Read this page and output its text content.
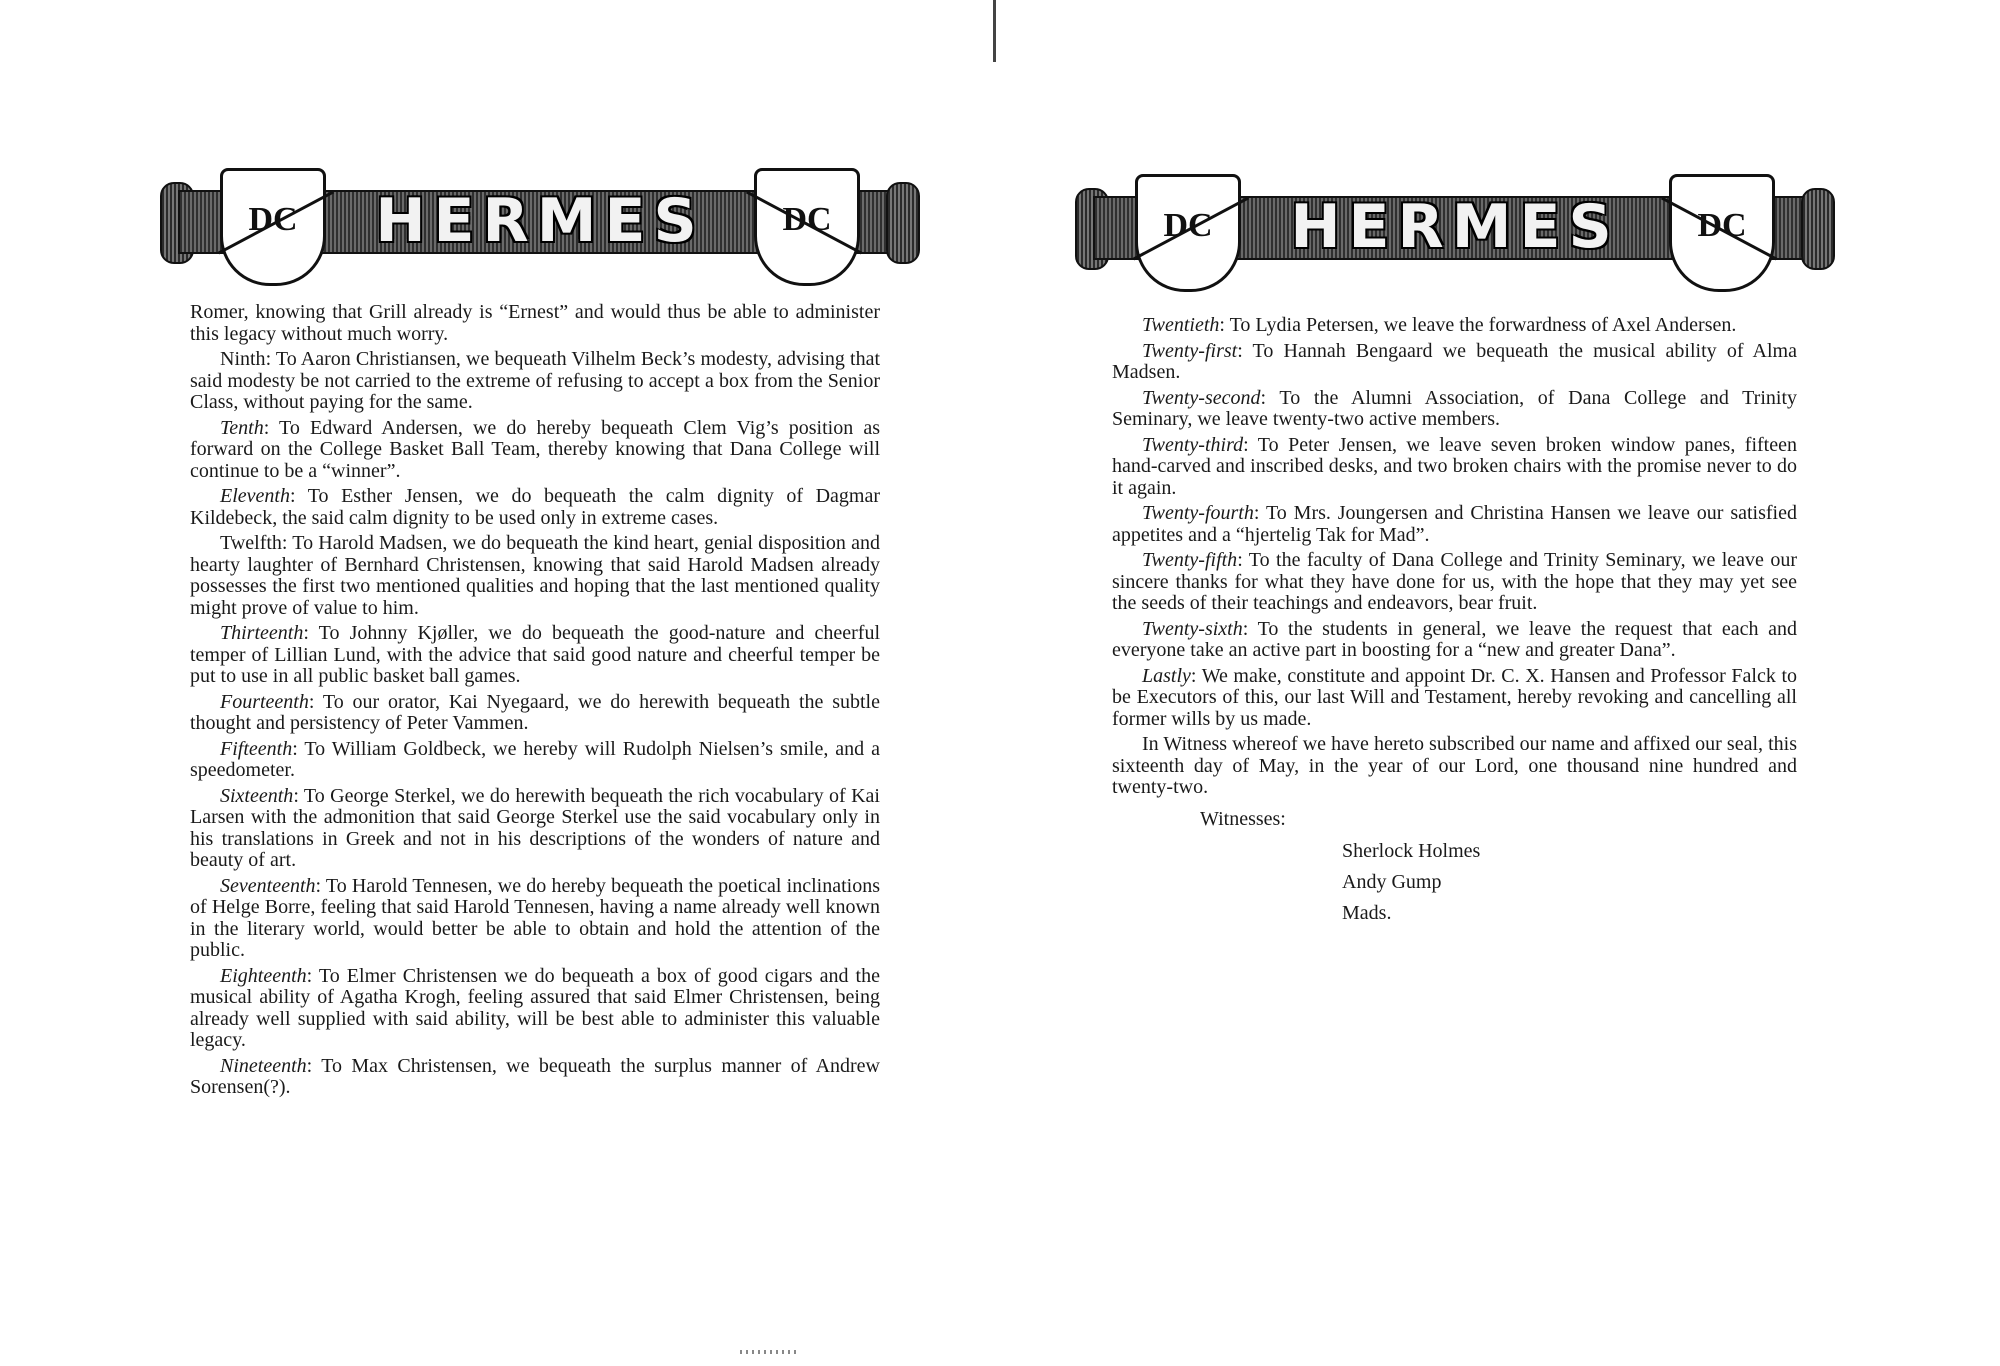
DC	HERMES	DC

Romer, knowing that Grill already is “Ernest” and would thus be able to administer this legacy without much worry.

Ninth: To Aaron Christiansen, we bequeath Vilhelm Beck’s modesty, advising that said modesty be not carried to the extreme of refusing to accept a box from the Senior Class, without paying for the same.

Tenth: To Edward Andersen, we do hereby bequeath Clem Vig’s position as forward on the College Basket Ball Team, thereby knowing that Dana College will continue to be a “winner”.

Eleventh: To Esther Jensen, we do bequeath the calm dignity of Dagmar Kildebeck, the said calm dignity to be used only in extreme cases.

Twelfth: To Harold Madsen, we do bequeath the kind heart, genial disposition and hearty laughter of Bernhard Christensen, knowing that said Harold Madsen already possesses the first two mentioned qualities and hoping that the last mentioned quality might prove of value to him.

Thirteenth: To Johnny Kjøller, we do bequeath the good-nature and cheerful temper of Lillian Lund, with the advice that said good nature and cheerful temper be put to use in all public basket ball games.

Fourteenth: To our orator, Kai Nyegaard, we do herewith bequeath the subtle thought and persistency of Peter Vammen.

Fifteenth: To William Goldbeck, we hereby will Rudolph Nielsen’s smile, and a speedometer.

Sixteenth: To George Sterkel, we do herewith bequeath the rich vocabulary of Kai Larsen with the admonition that said George Sterkel use the said vocabulary only in his translations in Greek and not in his descriptions of the wonders of nature and beauty of art.

Seventeenth: To Harold Tennesen, we do hereby bequeath the poetical inclinations of Helge Borre, feeling that said Harold Tennesen, having a name already well known in the literary world, would better be able to obtain and hold the attention of the public.

Eighteenth: To Elmer Christensen we do bequeath a box of good cigars and the musical ability of Agatha Krogh, feeling assured that said Elmer Christensen, being already well supplied with said ability, will be best able to administer this valuable legacy.

Nineteenth: To Max Christensen, we bequeath the surplus manner of Andrew Sorensen(?).

DC	HERMES	DC

Twentieth: To Lydia Petersen, we leave the forwardness of Axel Andersen.

Twenty-first: To Hannah Bengaard we bequeath the musical ability of Alma Madsen.

Twenty-second: To the Alumni Association, of Dana College and Trinity Seminary, we leave twenty-two active members.

Twenty-third: To Peter Jensen, we leave seven broken window panes, fifteen hand-carved and inscribed desks, and two broken chairs with the promise never to do it again.

Twenty-fourth: To Mrs. Joungersen and Christina Hansen we leave our satisfied appetites and a “hjertelig Tak for Mad”.

Twenty-fifth: To the faculty of Dana College and Trinity Seminary, we leave our sincere thanks for what they have done for us, with the hope that they may yet see the seeds of their teachings and endeavors, bear fruit.

Twenty-sixth: To the students in general, we leave the request that each and everyone take an active part in boosting for a “new and greater Dana”.

Lastly: We make, constitute and appoint Dr. C. X. Hansen and Professor Falck to be Executors of this, our last Will and Testament, hereby revoking and cancelling all former wills by us made.

In Witness whereof we have hereto subscribed our name and affixed our seal, this sixteenth day of May, in the year of our Lord, one thousand nine hundred and twenty-two.

Witnesses:
Sherlock Holmes
Andy Gump
Mads.
